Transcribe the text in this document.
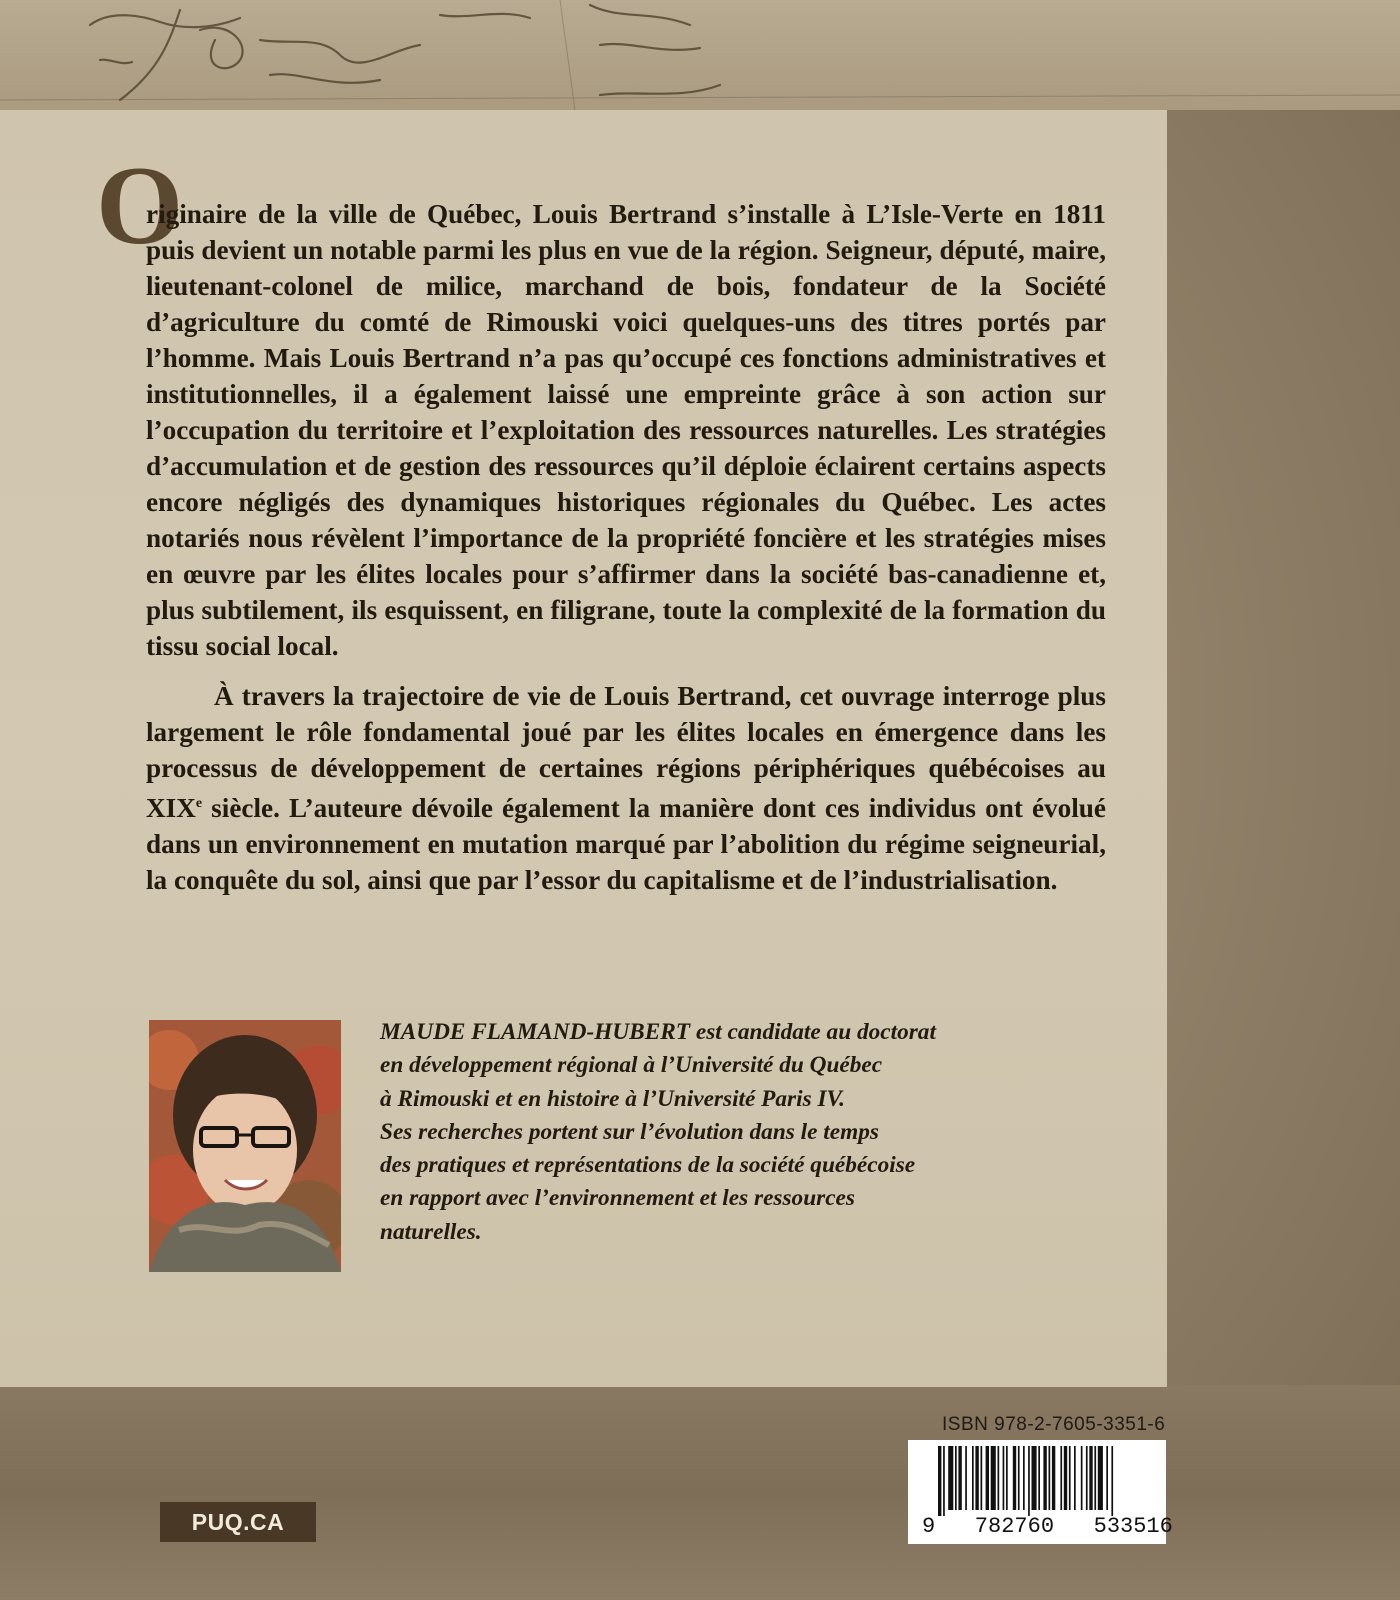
O

riginaire de la ville de Québec, Louis Bertrand s’installe à L’Isle-Verte en 1811 puis devient un notable parmi les plus en vue de la région. Seigneur, député, maire, lieutenant-colonel de milice, marchand de bois, fondateur de la Société d’agriculture du comté de Rimouski voici quelques-uns des titres portés par l’homme. Mais Louis Bertrand n’a pas qu’occupé ces fonctions administratives et institutionnelles, il a également laissé une empreinte grâce à son action sur l’occupation du territoire et l’exploitation des ressources naturelles. Les stratégies d’accumulation et de gestion des ressources qu’il déploie éclairent certains aspects encore négligés des dynamiques historiques régionales du Québec. Les actes notariés nous révèlent l’importance de la propriété foncière et les stratégies mises en œuvre par les élites locales pour s’affirmer dans la société bas-canadienne et, plus subtilement, ils esquissent, en filigrane, toute la complexité de la formation du tissu social local.

À travers la trajectoire de vie de Louis Bertrand, cet ouvrage interroge plus largement le rôle fondamental joué par les élites locales en émergence dans les processus de développement de certaines régions périphériques québécoises au XIXe siècle. L’auteure dévoile également la manière dont ces individus ont évolué dans un environnement en mutation marqué par l’abolition du régime seigneurial, la conquête du sol, ainsi que par l’essor du capitalisme et de l’industrialisation.

MAUDE FLAMAND-HUBERT est candidate au doctorat
en développement régional à l’Université du Québec
à Rimouski et en histoire à l’Université Paris IV.
Ses recherches portent sur l’évolution dans le temps
des pratiques et représentations de la société québécoise
en rapport avec l’environnement et les ressources
naturelles.
ISBN 978-2-7605-3351-6
9   782760   533516
PUQ.CA
